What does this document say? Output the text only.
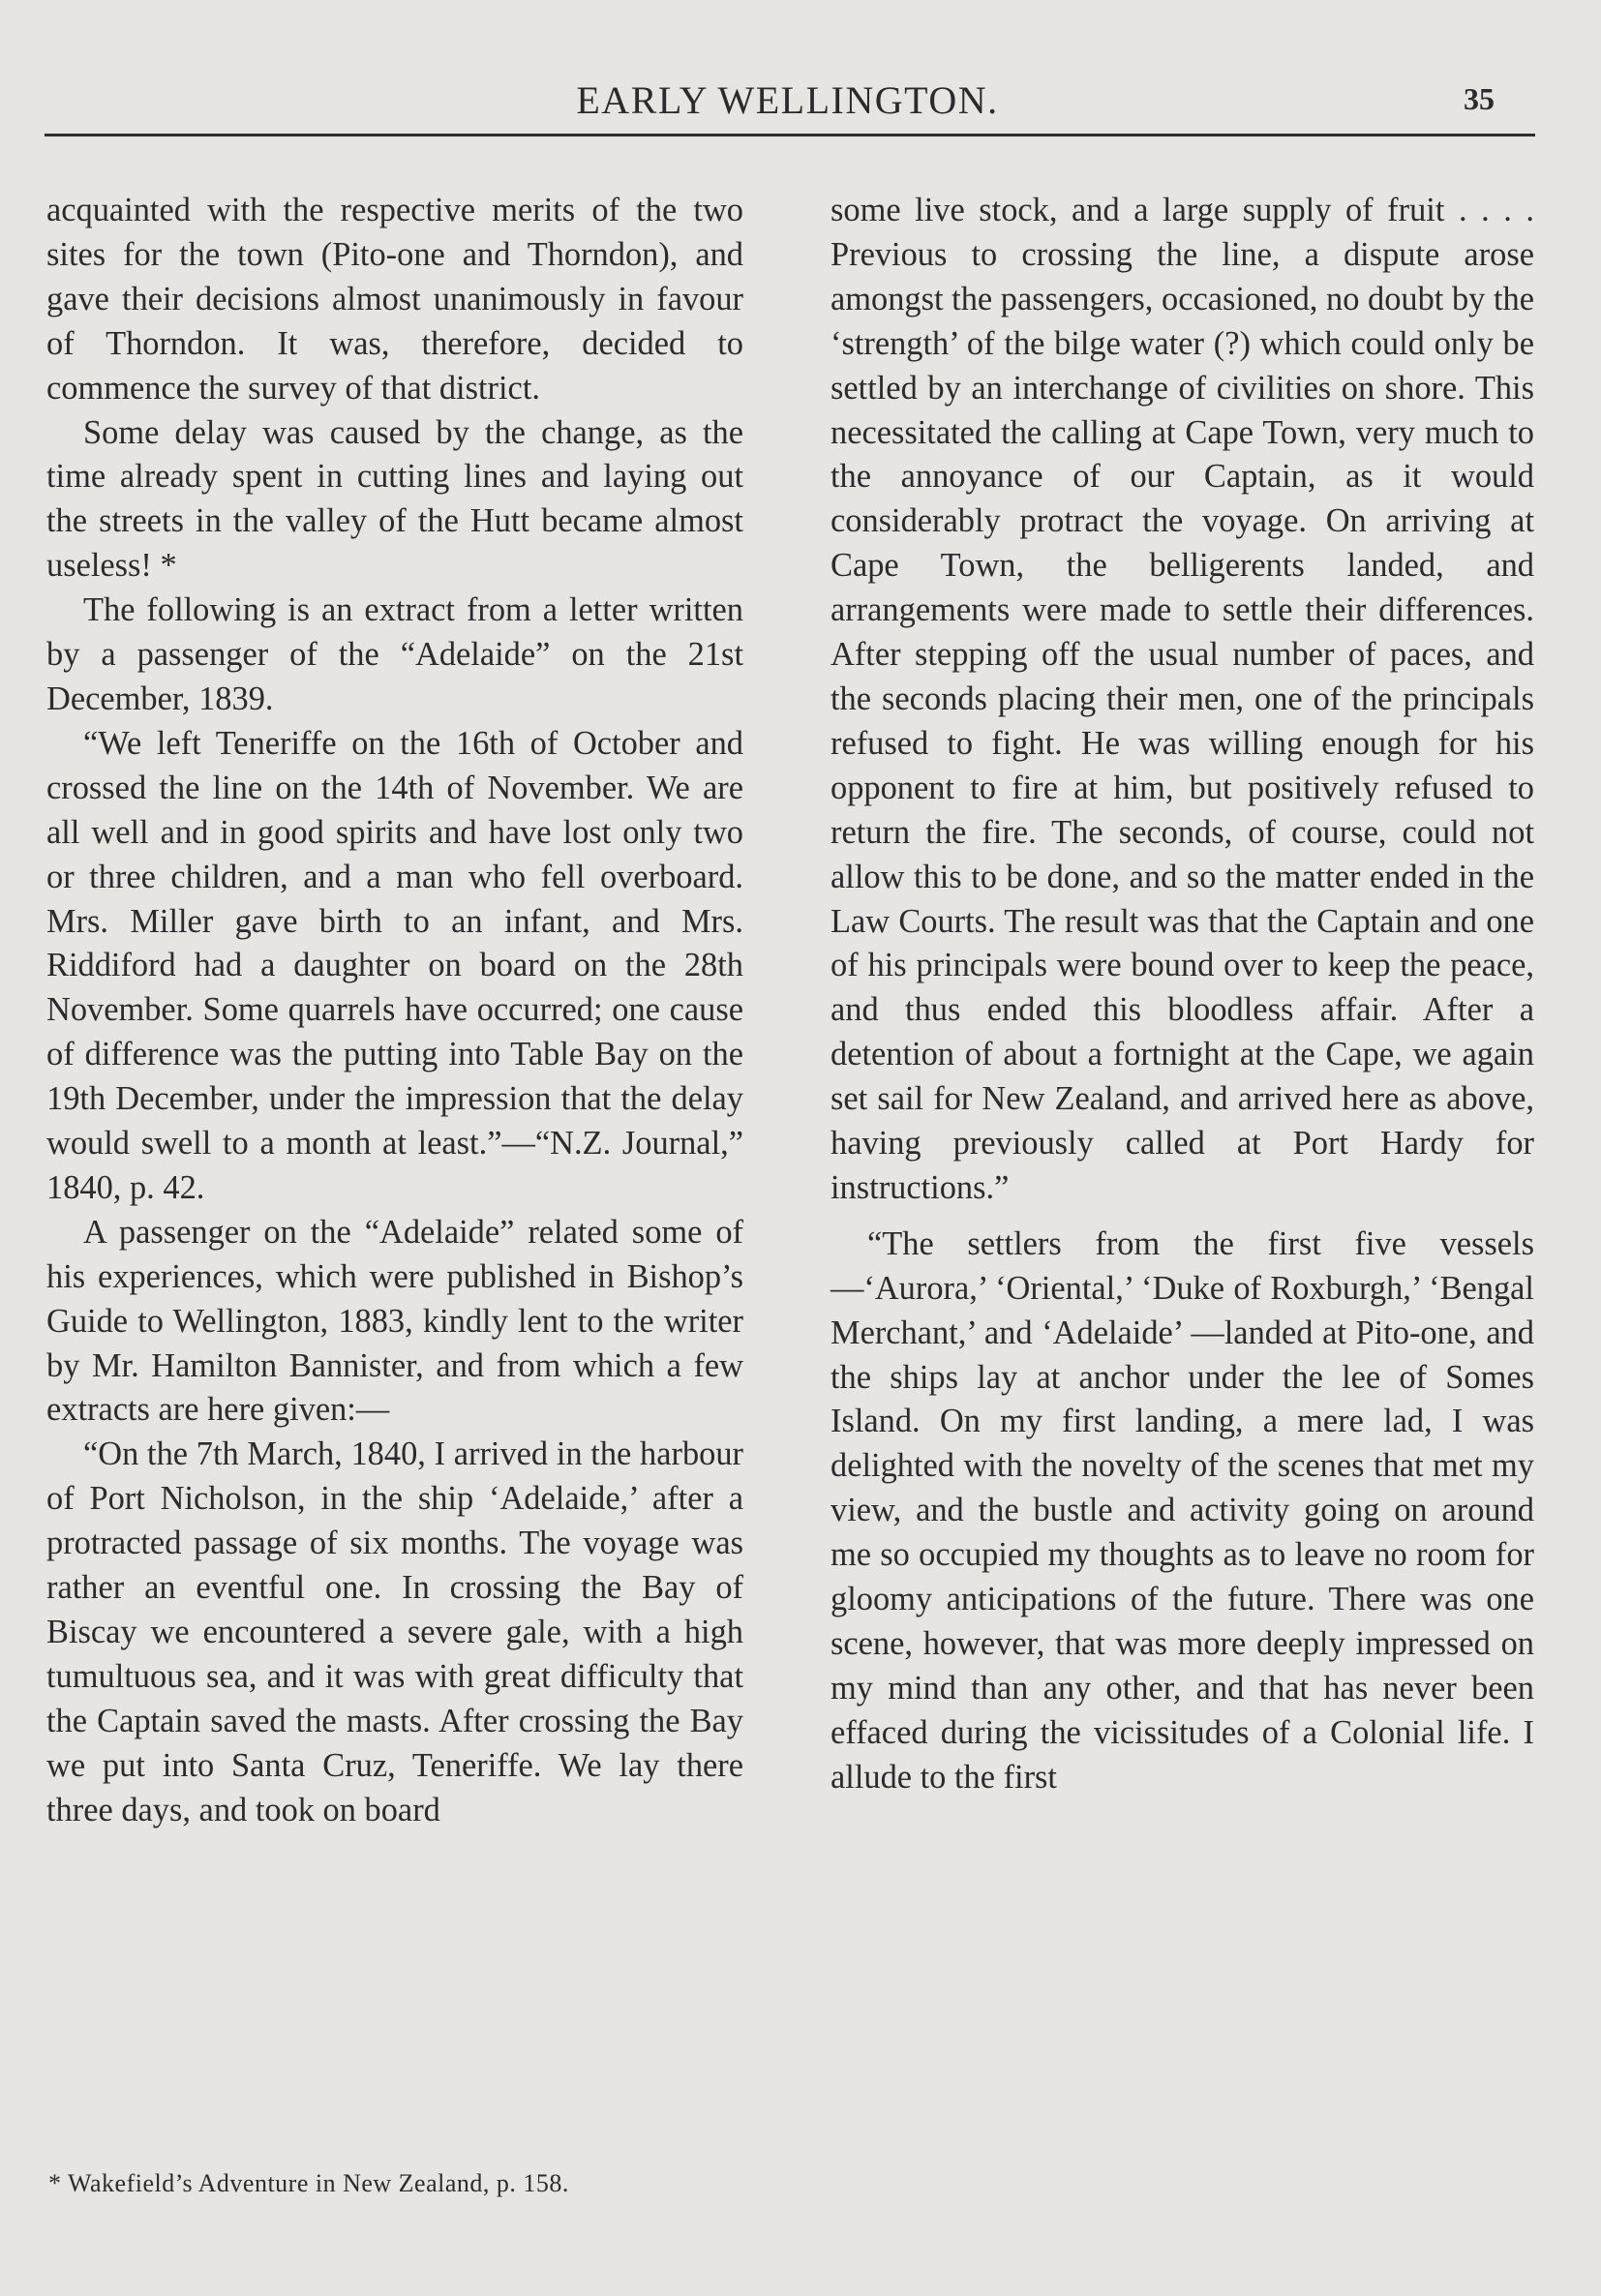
EARLY WELLINGTON.	35

acquainted with the respective merits of the two sites for the town (Pito-one and Thorndon), and gave their decisions almost unanimously in favour of Thorndon. It was, therefore, decided to commence the survey of that district.

Some delay was caused by the change, as the time already spent in cutting lines and laying out the streets in the valley of the Hutt became almost useless! *

The following is an extract from a letter written by a passenger of the “Adelaide” on the 21st December, 1839.

“We left Teneriffe on the 16th of October and crossed the line on the 14th of November. We are all well and in good spirits and have lost only two or three children, and a man who fell overboard. Mrs. Miller gave birth to an infant, and Mrs. Riddiford had a daughter on board on the 28th November. Some quarrels have occurred; one cause of difference was the putting into Table Bay on the 19th December, under the impression that the delay would swell to a month at least.”—“N.Z. Journal,” 1840, p. 42.

A passenger on the “Adelaide” related some of his experiences, which were published in Bishop’s Guide to Wellington, 1883, kindly lent to the writer by Mr. Hamilton Bannister, and from which a few extracts are here given:—

“On the 7th March, 1840, I arrived in the harbour of Port Nicholson, in the ship ‘Adelaide,’ after a protracted passage of six months. The voyage was rather an eventful one. In crossing the Bay of Biscay we encountered a severe gale, with a high tumultuous sea, and it was with great difficulty that the Captain saved the masts. After crossing the Bay we put into Santa Cruz, Teneriffe. We lay there three days, and took on board

some live stock, and a large supply of fruit . . . . Previous to crossing the line, a dispute arose amongst the passengers, occasioned, no doubt by the ‘strength’ of the bilge water (?) which could only be settled by an interchange of civilities on shore. This necessitated the calling at Cape Town, very much to the annoyance of our Captain, as it would considerably protract the voyage. On arriving at Cape Town, the belligerents landed, and arrangements were made to settle their differences. After stepping off the usual number of paces, and the seconds placing their men, one of the principals refused to fight. He was willing enough for his opponent to fire at him, but positively refused to return the fire. The seconds, of course, could not allow this to be done, and so the matter ended in the Law Courts. The result was that the Captain and one of his principals were bound over to keep the peace, and thus ended this bloodless affair. After a detention of about a fortnight at the Cape, we again set sail for New Zealand, and arrived here as above, having previously called at Port Hardy for instructions.”

“The settlers from the first five vessels —‘Aurora,’ ‘Oriental,’ ‘Duke of Roxburgh,’ ‘Bengal Merchant,’ and ‘Adelaide’ —landed at Pito-one, and the ships lay at anchor under the lee of Somes Island. On my first landing, a mere lad, I was delighted with the novelty of the scenes that met my view, and the bustle and activity going on around me so occupied my thoughts as to leave no room for gloomy anticipations of the future. There was one scene, however, that was more deeply impressed on my mind than any other, and that has never been effaced during the vicissitudes of a Colonial life. I allude to the first

* Wakefield’s Adventure in New Zealand, p. 158.
